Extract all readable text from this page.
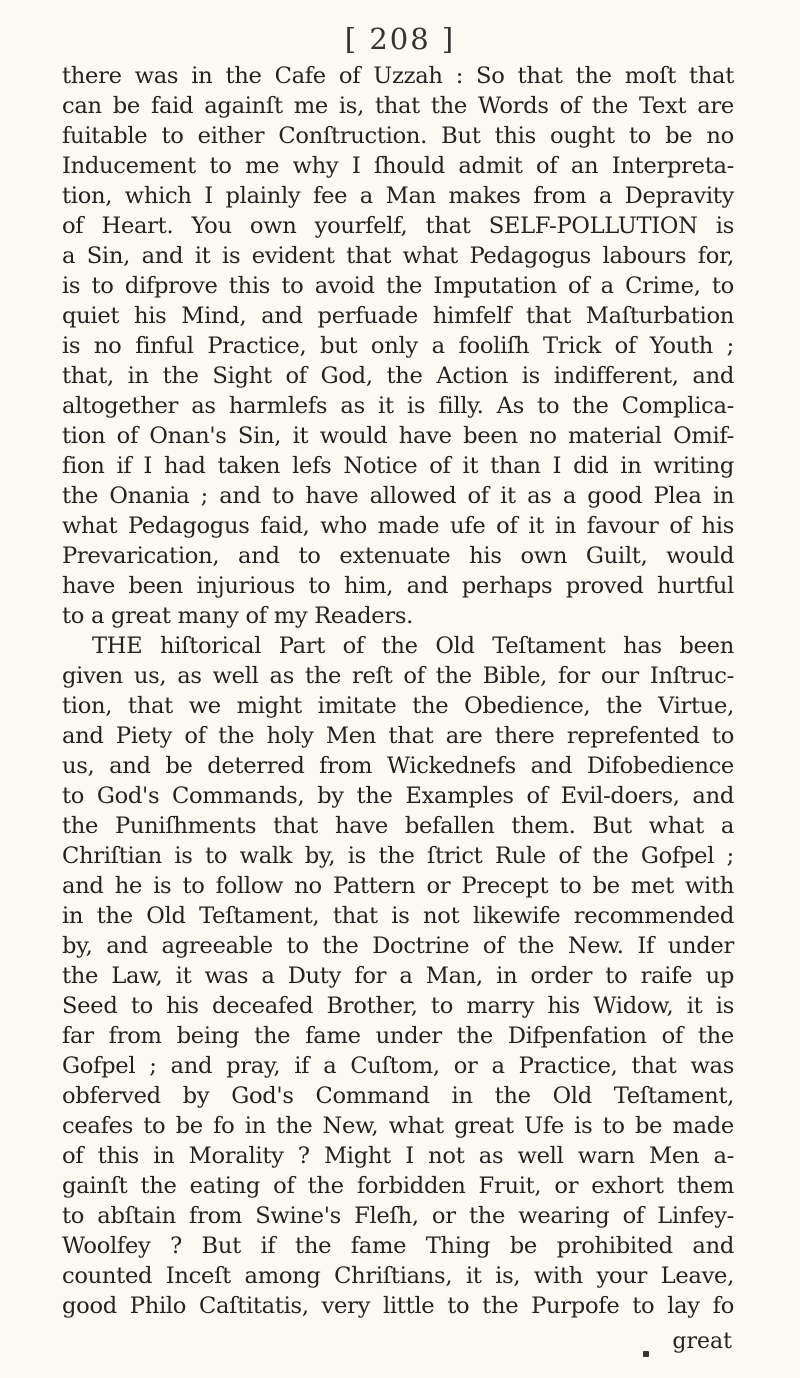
[ 208 ]
there was in the Cafe of Uzzah : So that the moſt that
can be faid againſt me is, that the Words of the Text are
fuitable to either Conſtruction. But this ought to be no
Inducement to me why I ſhould admit of an Interpreta-
tion, which I plainly fee a Man makes from a Depravity
of Heart. You own yourfelf, that SELF-POLLUTION is
a Sin, and it is evident that what Pedagogus labours for,
is to difprove this to avoid the Imputation of a Crime, to
quiet his Mind, and perfuade himfelf that Maſturbation
is no finful Practice, but only a fooliſh Trick of Youth ;
that, in the Sight of God, the Action is indifferent, and
altogether as harmlefs as it is filly. As to the Complica-
tion of Onan's Sin, it would have been no material Omif-
fion if I had taken lefs Notice of it than I did in writing
the Onania ; and to have allowed of it as a good Plea in
what Pedagogus faid, who made ufe of it in favour of his
Prevarication, and to extenuate his own Guilt, would
have been injurious to him, and perhaps proved hurtful
to a great many of my Readers.
THE hiſtorical Part of the Old Teſtament has been
given us, as well as the reſt of the Bible, for our Inſtruc-
tion, that we might imitate the Obedience, the Virtue,
and Piety of the holy Men that are there reprefented to
us, and be deterred from Wickednefs and Difobedience
to God's Commands, by the Examples of Evil-doers, and
the Puniſhments that have befallen them. But what a
Chriſtian is to walk by, is the ſtrict Rule of the Gofpel ;
and he is to follow no Pattern or Precept to be met with
in the Old Teſtament, that is not likewife recommended
by, and agreeable to the Doctrine of the New. If under
the Law, it was a Duty for a Man, in order to raife up
Seed to his deceafed Brother, to marry his Widow, it is
far from being the fame under the Difpenfation of the
Gofpel ; and pray, if a Cuſtom, or a Practice, that was
obferved by God's Command in the Old Teſtament,
ceafes to be fo in the New, what great Ufe is to be made
of this in Morality ? Might I not as well warn Men a-
gainſt the eating of the forbidden Fruit, or exhort them
to abſtain from Swine's Fleſh, or the wearing of Linfey-
Woolfey ? But if the fame Thing be prohibited and
counted Inceſt among Chriſtians, it is, with your Leave,
good Philo Caſtitatis, very little to the Purpofe to lay fo
great
